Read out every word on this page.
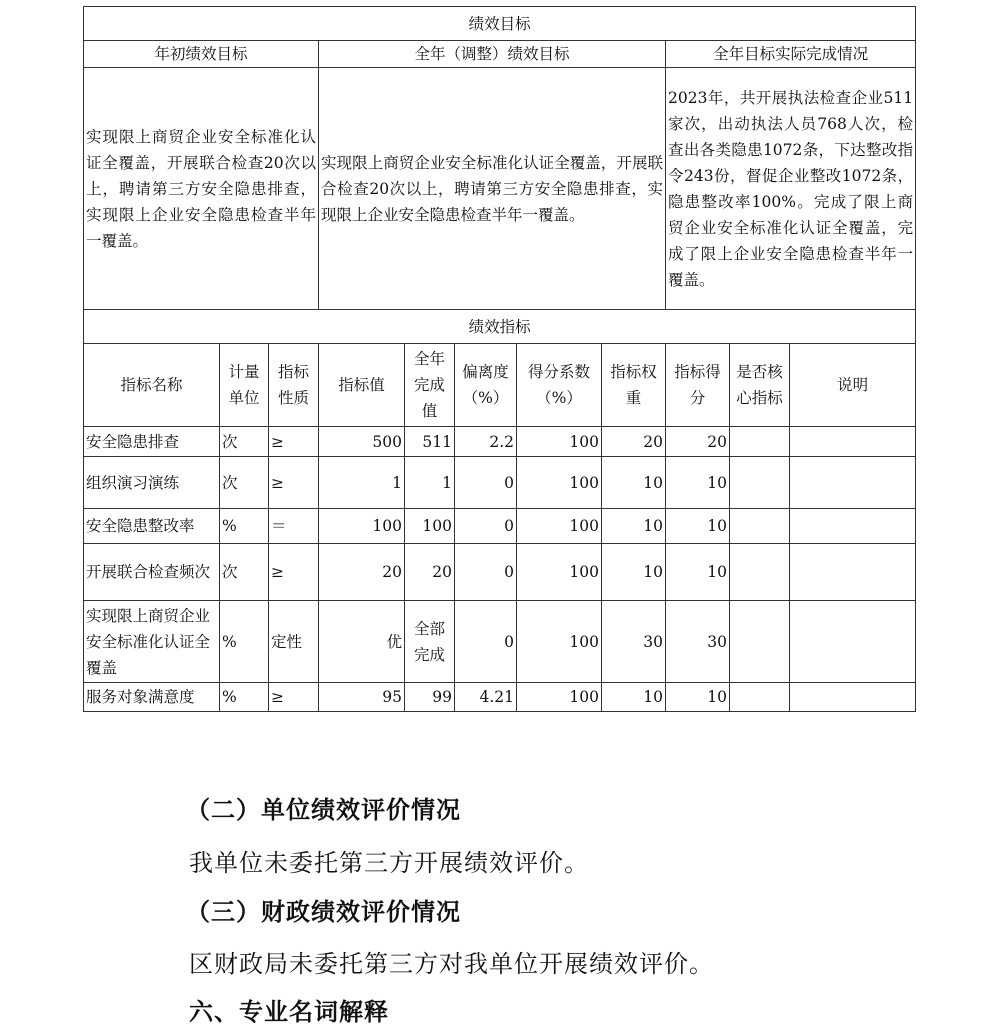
绩效目标										
年初绩效目标			全年（调整）绩效目标					全年目标实际完成情况		

实现限上商贸企业安全标准化认证全覆盖，开展联合检查20次以上，聘请第三方安全隐患排查，实现限上企业安全隐患检查半年一覆盖。			实现限上商贸企业安全标准化认证全覆盖，开展联合检查20次以上，聘请第三方安全隐患排查，实现限上企业安全隐患检查半年一覆盖。					2023年，共开展执法检查企业511家次，出动执法人员768人次，检查出各类隐患1072条，下达整改指令243份，督促企业整改1072条，隐患整改率100%。完成了限上商贸企业安全标准化认证全覆盖，完成了限上企业安全隐患检查半年一覆盖。		

绩效指标										
指标名称	计量单位	指标性质	指标值	全年完成值	偏离度（%）	得分系数（%）	指标权重	指标得分	是否核心指标	说明
安全隐患排查	次	≥	500	511	2.2	100	20	20		
组织演习演练	次	≥	1	1	0	100	10	10		
安全隐患整改率	%	＝	100	100	0	100	10	10		
开展联合检查频次	次	≥	20	20	0	100	10	10		
实现限上商贸企业安全标准化认证全覆盖	%	定性	优	全部完成	0	100	30	30		
服务对象满意度	%	≥	95	99	4.21	100	10	10		
（二）单位绩效评价情况
我单位未委托第三方开展绩效评价。
（三）财政绩效评价情况
区财政局未委托第三方对我单位开展绩效评价。
六、专业名词解释
